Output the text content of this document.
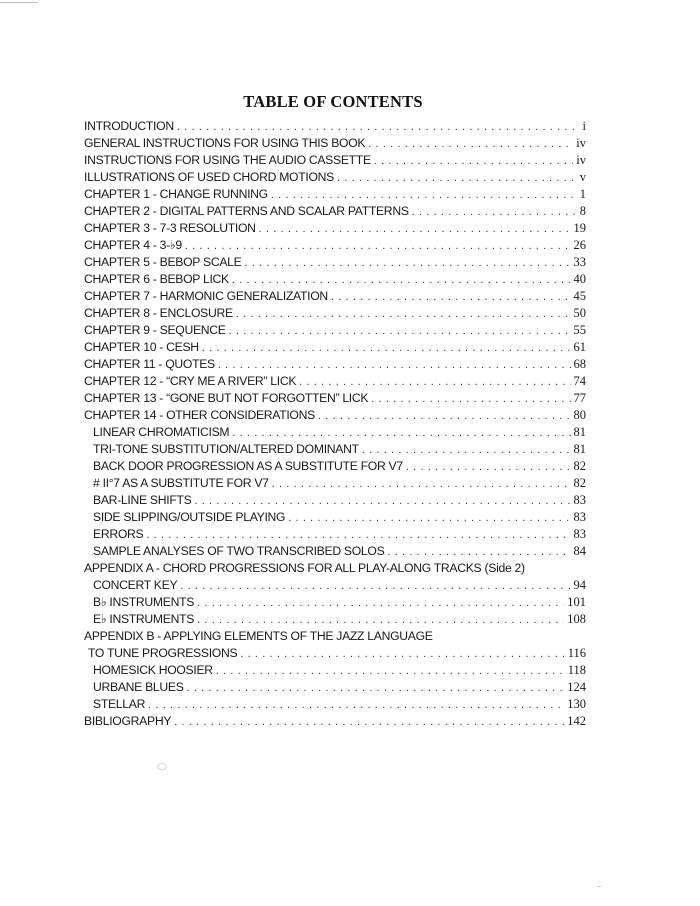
TABLE OF CONTENTS
INTRODUCTION . . .	i
GENERAL INSTRUCTIONS FOR USING THIS BOOK . . .	iv
INSTRUCTIONS FOR USING THE AUDIO CASSETTE . . .	iv
ILLUSTRATIONS OF USED CHORD MOTIONS . . .	v
CHAPTER 1 - CHANGE RUNNING . . .	1
CHAPTER 2 - DIGITAL PATTERNS AND SCALAR PATTERNS . . .	8
CHAPTER 3 - 7-3 RESOLUTION . . .	19
CHAPTER 4 - 3-♭9 . . .	26
CHAPTER 5 - BEBOP SCALE . . .	33
CHAPTER 6 - BEBOP LICK . . .	40
CHAPTER 7 - HARMONIC GENERALIZATION . . .	45
CHAPTER 8 - ENCLOSURE . . .	50
CHAPTER 9 - SEQUENCE . . .	55
CHAPTER 10 - CESH . . .	61
CHAPTER 11 - QUOTES . . .	68
CHAPTER 12 - “CRY ME A RIVER” LICK . . .	74
CHAPTER 13 - “GONE BUT NOT FORGOTTEN” LICK . . .	77
CHAPTER 14 - OTHER CONSIDERATIONS . . .	80
LINEAR CHROMATICISM . . .	81
TRI-TONE SUBSTITUTION/ALTERED DOMINANT . . .	81
BACK DOOR PROGRESSION AS A SUBSTITUTE FOR V7 . . .	82
# II°7 AS A SUBSTITUTE FOR V7 . . .	82
BAR-LINE SHIFTS . . .	83
SIDE SLIPPING/OUTSIDE PLAYING . . .	83
ERRORS . . .	83
SAMPLE ANALYSES OF TWO TRANSCRIBED SOLOS . . .	84
APPENDIX A - CHORD PROGRESSIONS FOR ALL PLAY-ALONG TRACKS (Side 2)
CONCERT KEY . . .	94
B♭ INSTRUMENTS . . .	101
E♭ INSTRUMENTS . . .	108
APPENDIX B - APPLYING ELEMENTS OF THE JAZZ LANGUAGE
TO TUNE PROGRESSIONS . . .	116
HOMESICK HOOSIER . . .	118
URBANE BLUES . . .	124
STELLAR . . .	130
BIBLIOGRAPHY . . .	142
